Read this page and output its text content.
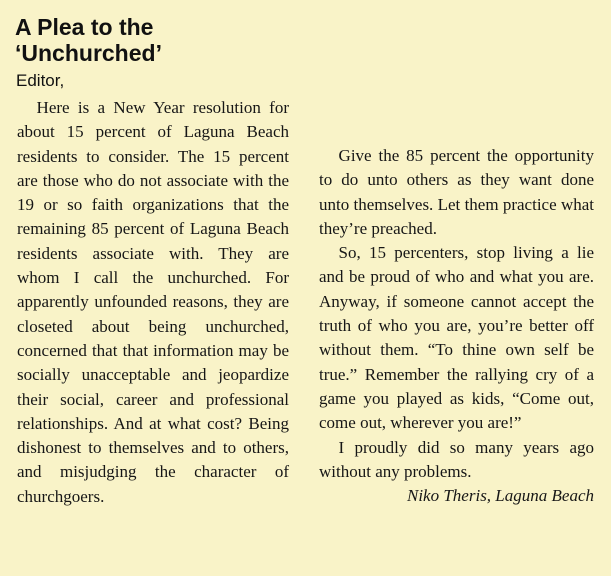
A Plea to the
‘Unchurched’

Editor,

Here is a New Year resolution for about 15 percent of Laguna Beach residents to consider. The 15 percent are those who do not associate with the 19 or so faith organizations that the remaining 85 percent of Laguna Beach residents associate with. They are whom I call the unchurched. For apparently unfounded reasons, they are closeted about being unchurched, concerned that that information may be socially unacceptable and jeopardize their social, career and professional relationships. And at what cost? Being dishonest to themselves and to others, and misjudging the character of churchgoers.

Give the 85 percent the opportunity to do unto others as they want done unto themselves. Let them practice what they’re preached.

So, 15 percenters, stop living a lie and be proud of who and what you are. Anyway, if someone cannot accept the truth of who you are, you’re better off without them. “To thine own self be true.” Remember the rallying cry of a game you played as kids, “Come out, come out, wherever you are!”

I proudly did so many years ago without any problems.

Niko Theris, Laguna Beach
